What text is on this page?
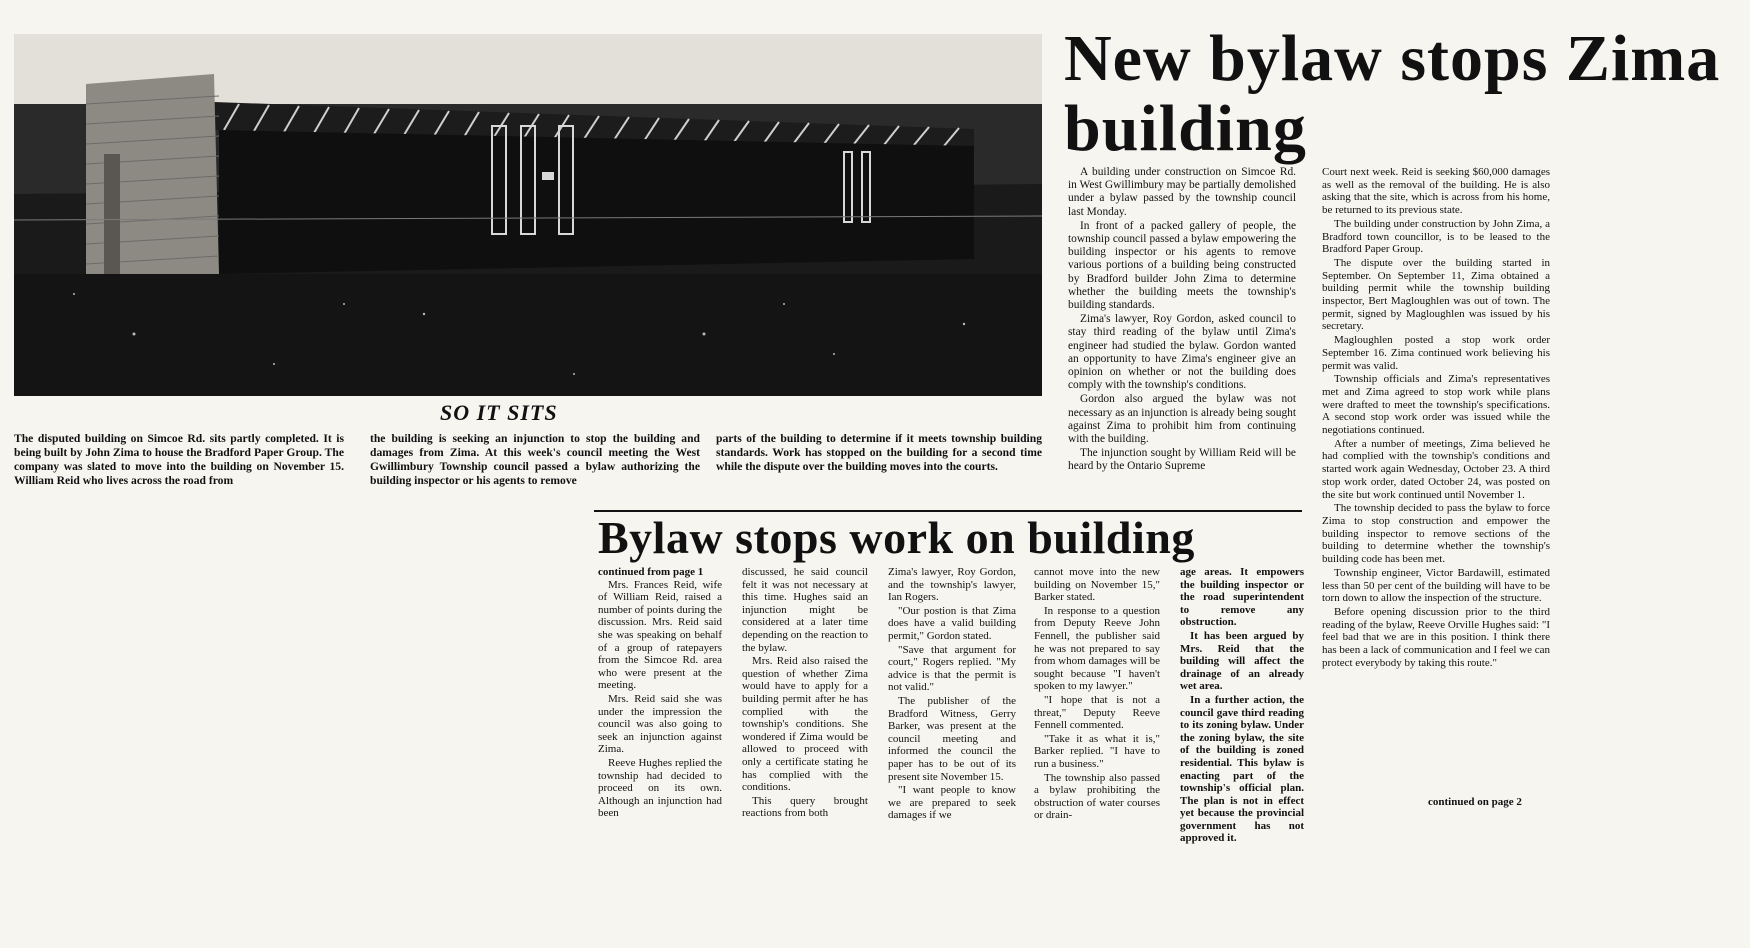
SO IT SITS
The disputed building on Simcoe Rd. sits partly completed. It is being built by John Zima to house the Bradford Paper Group. The company was slated to move into the building on November 15. William Reid who lives across the road from
the building is seeking an injunction to stop the building and damages from Zima. At this week's council meeting the West Gwillimbury Township council passed a bylaw authorizing the building inspector or his agents to remove
parts of the building to determine if it meets township building standards. Work has stopped on the building for a second time while the dispute over the building moves into the courts.
New bylaw stops Zima building

A building under construction on Simcoe Rd. in West Gwillimbury may be partially demolished under a bylaw passed by the township council last Monday.

In front of a packed gallery of people, the township council passed a bylaw empowering the building inspector or his agents to remove various portions of a building being constructed by Bradford builder John Zima to determine whether the building meets the township's building standards.

Zima's lawyer, Roy Gordon, asked council to stay third reading of the bylaw until Zima's engineer had studied the bylaw. Gordon wanted an opportunity to have Zima's engineer give an opinion on whether or not the building does comply with the township's conditions.

Gordon also argued the bylaw was not necessary as an injunction is already being sought against Zima to prohibit him from continuing with the building.

The injunction sought by William Reid will be heard by the Ontario Supreme

Court next week. Reid is seeking $60,000 damages as well as the removal of the building. He is also asking that the site, which is across from his home, be returned to its previous state.

The building under construction by John Zima, a Bradford town councillor, is to be leased to the Bradford Paper Group.

The dispute over the building started in September. On September 11, Zima obtained a building permit while the township building inspector, Bert Magloughlen was out of town. The permit, signed by Magloughlen was issued by his secretary.

Magloughlen posted a stop work order September 16. Zima continued work believing his permit was valid.

Township officials and Zima's representatives met and Zima agreed to stop work while plans were drafted to meet the township's specifications. A second stop work order was issued while the negotiations continued.

After a number of meetings, Zima believed he had complied with the township's conditions and started work again Wednesday, October 23. A third stop work order, dated October 24, was posted on the site but work continued until November 1.

The township decided to pass the bylaw to force Zima to stop construction and empower the building inspector to remove sections of the building to determine whether the township's building code has been met.

Township engineer, Victor Bardawill, estimated less than 50 per cent of the building will have to be torn down to allow the inspection of the structure.

Before opening discussion prior to the third reading of the bylaw, Reeve Orville Hughes said: "I feel bad that we are in this position. I think there has been a lack of communication and I feel we can protect everybody by taking this route."

continued on page 2
Bylaw stops work on building
continued from page 1

Mrs. Frances Reid, wife of William Reid, raised a number of points during the discussion. Mrs. Reid said she was speaking on behalf of a group of ratepayers from the Simcoe Rd. area who were present at the meeting.

Mrs. Reid said she was under the impression the council was also going to seek an injunction against Zima.

Reeve Hughes replied the township had decided to proceed on its own. Although an injunction had been

discussed, he said council felt it was not necessary at this time. Hughes said an injunction might be considered at a later time depending on the reaction to the bylaw.

Mrs. Reid also raised the question of whether Zima would have to apply for a building permit after he has complied with the township's conditions. She wondered if Zima would be allowed to proceed with only a certificate stating he has complied with the conditions.

This query brought reactions from both

Zima's lawyer, Roy Gordon, and the township's lawyer, Ian Rogers.

"Our postion is that Zima does have a valid building permit," Gordon stated.

"Save that argument for court," Rogers replied. "My advice is that the permit is not valid."

The publisher of the Bradford Witness, Gerry Barker, was present at the council meeting and informed the council the paper has to be out of its present site November 15.

"I want people to know we are prepared to seek damages if we

cannot move into the new building on November 15," Barker stated.

In response to a question from Deputy Reeve John Fennell, the publisher said he was not prepared to say from whom damages will be sought because "I haven't spoken to my lawyer."

"I hope that is not a threat," Deputy Reeve Fennell commented.

"Take it as what it is," Barker replied. "I have to run a business."

The township also passed a bylaw prohibiting the obstruction of water courses or drain-

age areas. It empowers the building inspector or the road superintendent to remove any obstruction.

It has been argued by Mrs. Reid that the building will affect the drainage of an already wet area.

In a further action, the council gave third reading to its zoning bylaw. Under the zoning bylaw, the site of the building is zoned residential. This bylaw is enacting part of the township's official plan. The plan is not in effect yet because the provincial government has not approved it.
